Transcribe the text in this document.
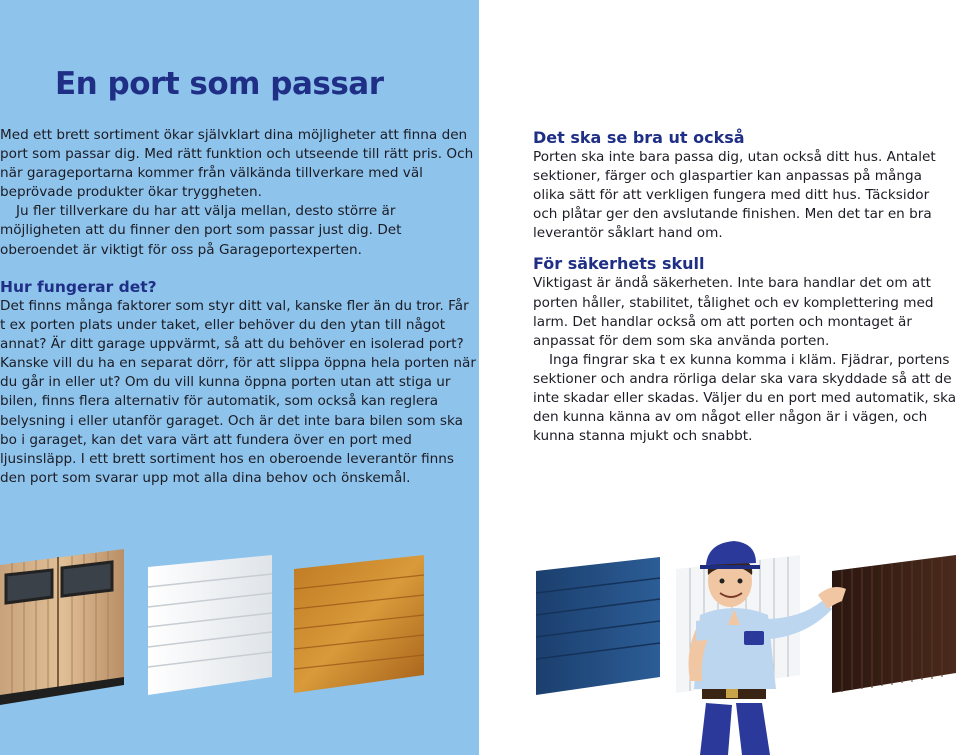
En port som passar

Med ett brett sortiment ökar självklart dina möjligheter att finna den port som passar dig. Med rätt funktion och utseende till rätt pris. Och när garageportarna kommer från välkända tillverkare med väl beprövade produkter ökar tryggheten.

Ju fler tillverkare du har att välja mellan, desto större är möjligheten att du finner den port som passar just dig. Det oberoendet är viktigt för oss på Garageportexperten.

Hur fungerar det?

Det finns många faktorer som styr ditt val, kanske fler än du tror. Får t ex porten plats under taket, eller behöver du den ytan till något annat? Är ditt garage uppvärmt, så att du behöver en isolerad port? Kanske vill du ha en separat dörr, för att slippa öppna hela porten när du går in eller ut? Om du vill kunna öppna porten utan att stiga ur bilen, finns flera alternativ för automatik, som också kan reglera belysning i eller utanför garaget. Och är det inte bara bilen som ska bo i garaget, kan det vara värt att fundera över en port med ljusinsläpp. I ett brett sortiment hos en oberoende leverantör finns den port som svarar upp mot alla dina behov och önskemål.

Det ska se bra ut också

Porten ska inte bara passa dig, utan också ditt hus. Antalet sektioner, färger och glaspartier kan anpassas på många olika sätt för att verkligen fungera med ditt hus. Täcksidor och plåtar ger den avslutande finishen. Men det tar en bra leverantör såklart hand om.

För säkerhets skull

Viktigast är ändå säkerheten. Inte bara handlar det om att porten håller, stabilitet, tålighet och ev komplettering med larm. Det handlar också om att porten och montaget är anpassat för dem som ska använda porten.

Inga fingrar ska t ex kunna komma i kläm. Fjädrar, portens sektioner och andra rörliga delar ska vara skyddade så att de inte skadar eller skadas. Väljer du en port med automatik, ska den kunna känna av om något eller någon är i vägen, och kunna stanna mjukt och snabbt.
